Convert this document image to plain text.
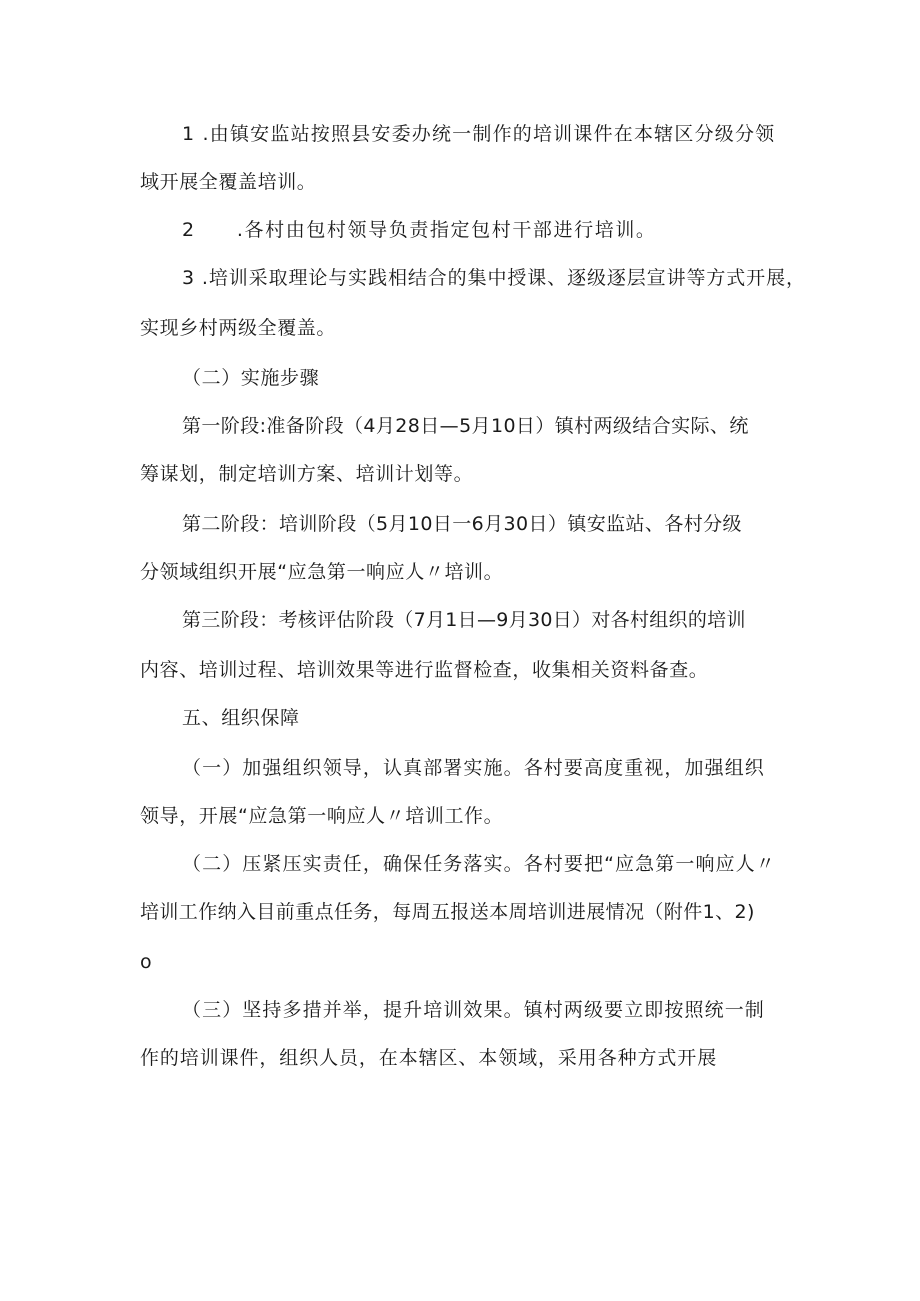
1 .由镇安监站按照县安委办统一制作的培训课件在本辖区分级分领
域开展全覆盖培训。
2　　.各村由包村领导负责指定包村干部进行培训。
3 .培训采取理论与实践相结合的集中授课、逐级逐层宣讲等方式开展，
实现乡村两级全覆盖。
（二）实施步骤
第一阶段:准备阶段（4月28日—5月10日）镇村两级结合实际、统
筹谋划，制定培训方案、培训计划等。
第二阶段：培训阶段（5月10日一6月30日）镇安监站、各村分级
分领域组织开展“应急第一响应人〃培训。
第三阶段：考核评估阶段（7月1日—9月30日）对各村组织的培训
内容、培训过程、培训效果等进行监督检查，收集相关资料备查。
五、组织保障
（一）加强组织领导，认真部署实施。各村要高度重视，加强组织
领导，开展“应急第一响应人〃培训工作。
（二）压紧压实责任，确保任务落实。各村要把“应急第一响应人〃
培训工作纳入目前重点任务，每周五报送本周培训进展情况（附件1、2)
o
（三）坚持多措并举，提升培训效果。镇村两级要立即按照统一制
作的培训课件，组织人员，在本辖区、本领域，采用各种方式开展
